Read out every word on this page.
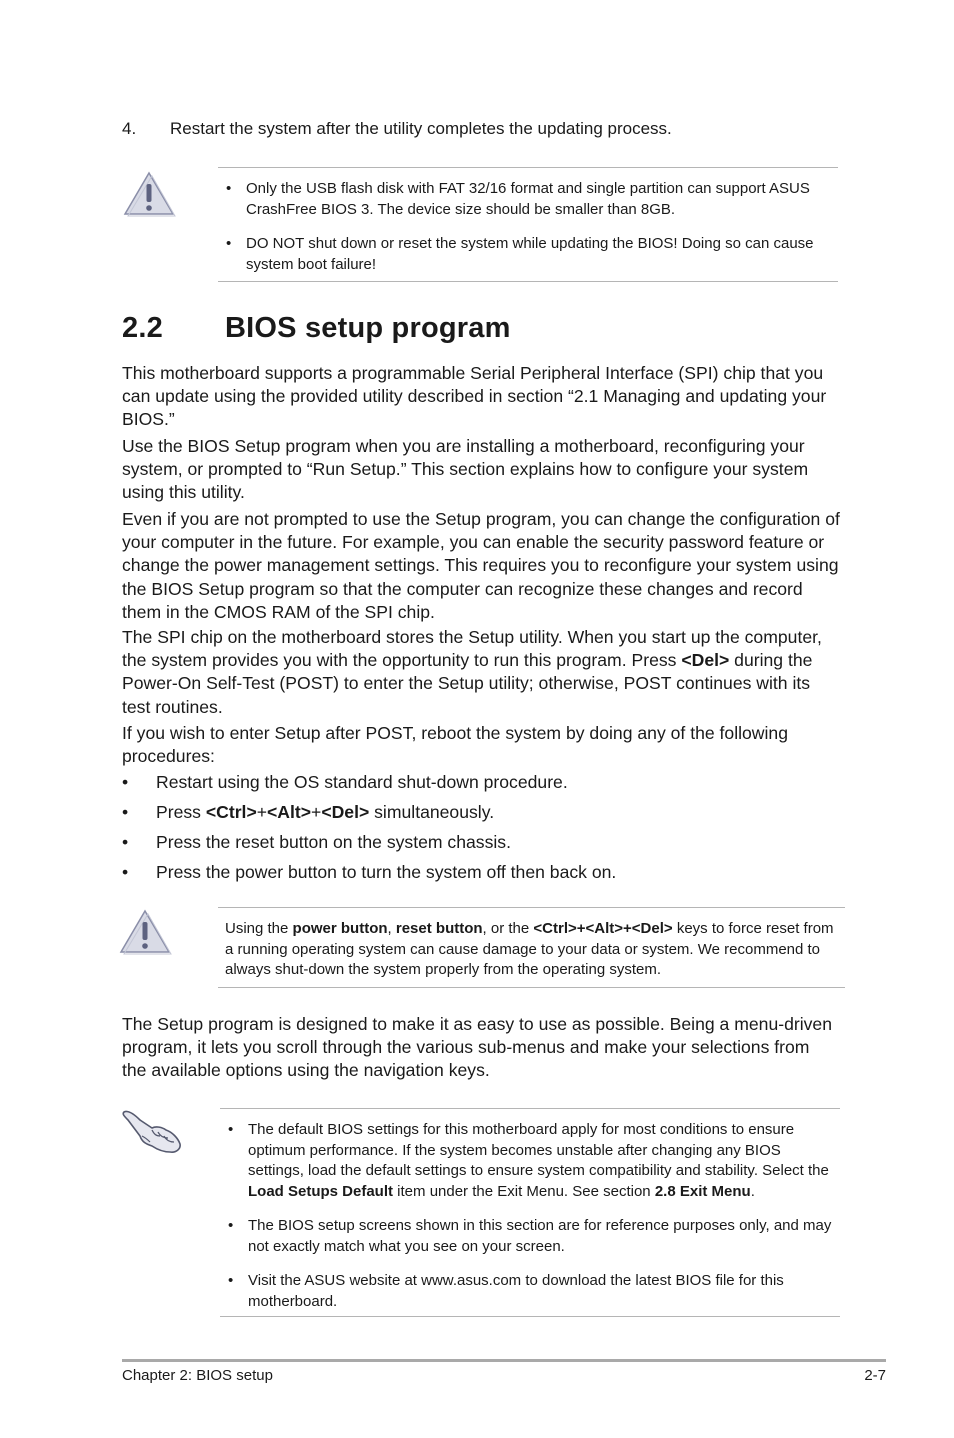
4. Restart the system after the utility completes the updating process.

• Only the USB flash disk with FAT 32/16 format and single partition can support ASUS CrashFree BIOS 3. The device size should be smaller than 8GB.

• DO NOT shut down or reset the system while updating the BIOS! Doing so can cause system boot failure!

2.2 BIOS setup program
This motherboard supports a programmable Serial Peripheral Interface (SPI) chip that you can update using the provided utility described in section “2.1 Managing and updating your BIOS.”
Use the BIOS Setup program when you are installing a motherboard, reconfiguring your system, or prompted to “Run Setup.” This section explains how to configure your system using this utility.
Even if you are not prompted to use the Setup program, you can change the configuration of your computer in the future. For example, you can enable the security password feature or change the power management settings. This requires you to reconfigure your system using the BIOS Setup program so that the computer can recognize these changes and record them in the CMOS RAM of the SPI chip.
The SPI chip on the motherboard stores the Setup utility. When you start up the computer, the system provides you with the opportunity to run this program. Press <Del> during the Power-On Self-Test (POST) to enter the Setup utility; otherwise, POST continues with its test routines.
If you wish to enter Setup after POST, reboot the system by doing any of the following procedures:
• Restart using the OS standard shut-down procedure.
• Press <Ctrl>+<Alt>+<Del> simultaneously.
• Press the reset button on the system chassis.
• Press the power button to turn the system off then back on.

Using the power button, reset button, or the <Ctrl>+<Alt>+<Del> keys to force reset from a running operating system can cause damage to your data or system. We recommend to always shut-down the system properly from the operating system.

The Setup program is designed to make it as easy to use as possible. Being a menu-driven program, it lets you scroll through the various sub-menus and make your selections from the available options using the navigation keys.

• The default BIOS settings for this motherboard apply for most conditions to ensure optimum performance. If the system becomes unstable after changing any BIOS settings, load the default settings to ensure system compatibility and stability. Select the Load Setups Default item under the Exit Menu. See section 2.8 Exit Menu.

• The BIOS setup screens shown in this section are for reference purposes only, and may not exactly match what you see on your screen.

• Visit the ASUS website at www.asus.com to download the latest BIOS file for this motherboard.

Chapter 2: BIOS setup	2-7
